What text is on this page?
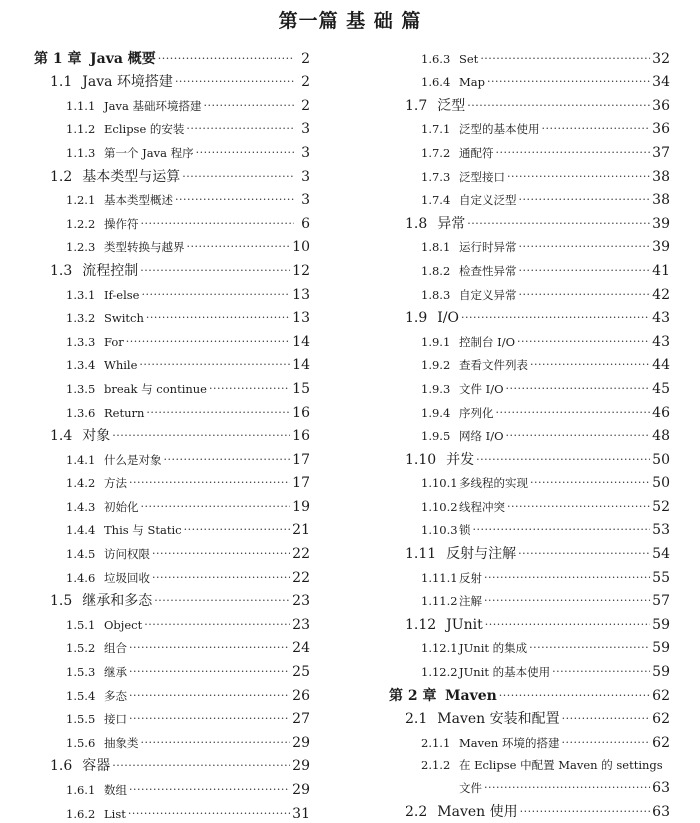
第一篇 基 础 篇
第 1 章 Java 概要 ·····	2
1.1 Java 环境搭建 ·····	2
1.1.1 Java 基础环境搭建 ·····	2
1.1.2 Eclipse 的安装 ·····	3
1.1.3 第一个 Java 程序 ·····	3
1.2 基本类型与运算 ·····	3
1.2.1 基本类型概述 ·····	3
1.2.2 操作符 ·····	6
1.2.3 类型转换与越界 ·····	10
1.3 流程控制 ·····	12
1.3.1 If-else ·····	13
1.3.2 Switch ·····	13
1.3.3 For ·····	14
1.3.4 While ·····	14
1.3.5 break 与 continue ·····	15
1.3.6 Return ·····	16
1.4 对象 ·····	16
1.4.1 什么是对象 ·····	17
1.4.2 方法 ·····	17
1.4.3 初始化 ·····	19
1.4.4 This 与 Static ·····	21
1.4.5 访问权限 ·····	22
1.4.6 垃圾回收 ·····	22
1.5 继承和多态 ·····	23
1.5.1 Object ·····	23
1.5.2 组合 ·····	24
1.5.3 继承 ·····	25
1.5.4 多态 ·····	26
1.5.5 接口 ·····	27
1.5.6 抽象类 ·····	29
1.6 容器 ·····	29
1.6.1 数组 ·····	29
1.6.2 List ·····	31
1.6.3 Set ·····	32
1.6.4 Map ·····	34
1.7 泛型 ·····	36
1.7.1 泛型的基本使用 ·····	36
1.7.2 通配符 ·····	37
1.7.3 泛型接口 ·····	38
1.7.4 自定义泛型 ·····	38
1.8 异常 ·····	39
1.8.1 运行时异常 ·····	39
1.8.2 检查性异常 ·····	41
1.8.3 自定义异常 ·····	42
1.9 I/O ·····	43
1.9.1 控制台 I/O ·····	43
1.9.2 查看文件列表 ·····	44
1.9.3 文件 I/O ·····	45
1.9.4 序列化 ·····	46
1.9.5 网络 I/O ·····	48
1.10 并发 ·····	50
1.10.1 多线程的实现 ·····	50
1.10.2 线程冲突 ·····	52
1.10.3 锁 ·····	53
1.11 反射与注解 ·····	54
1.11.1 反射 ·····	55
1.11.2 注解 ·····	57
1.12 JUnit ·····	59
1.12.1 JUnit 的集成 ·····	59
1.12.2 JUnit 的基本使用 ·····	59
第 2 章 Maven ·····	62
2.1 Maven 安装和配置 ·····	62
2.1.1 Maven 环境的搭建 ·····	62
2.1.2 在 Eclipse 中配置 Maven 的 settings
文件 ·····	63
2.2 Maven 使用 ·····	63
